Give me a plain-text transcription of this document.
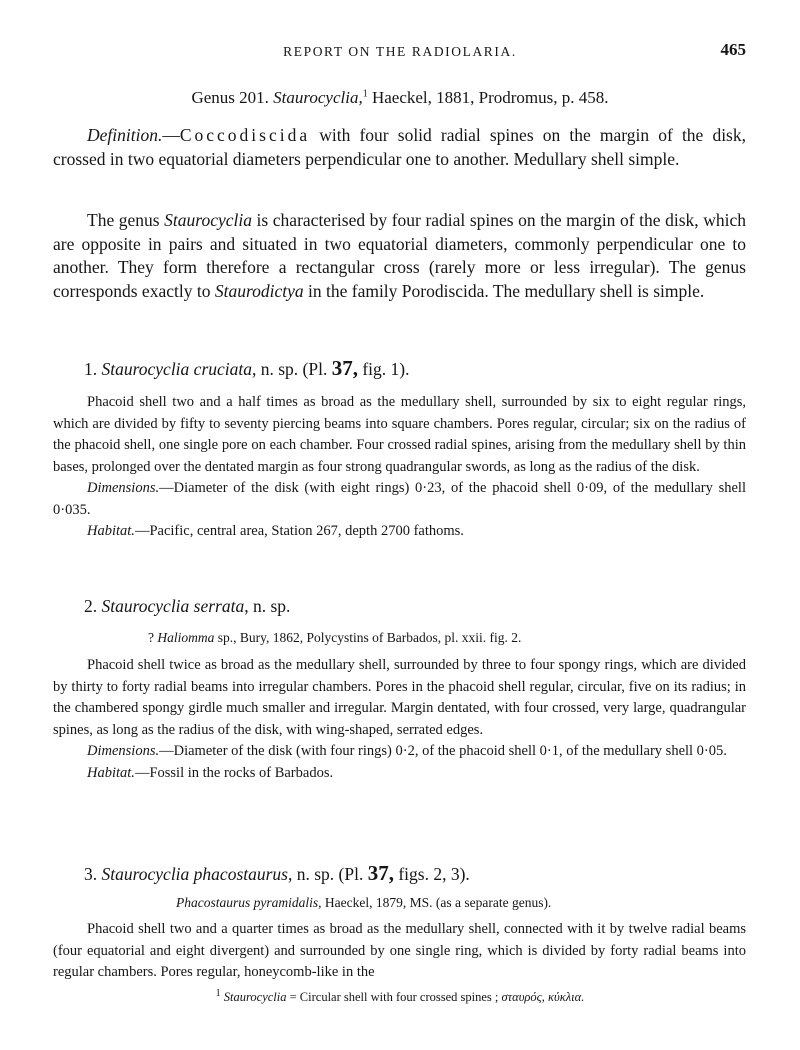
REPORT ON THE RADIOLARIA.	465
Genus 201. Staurocyclia,$^1$ Haeckel, 1881, Prodromus, p. 458.

Definition.—Coccodiscida with four solid radial spines on the margin of the disk, crossed in two equatorial diameters perpendicular one to another. Medullary shell simple.

The genus Staurocyclia is characterised by four radial spines on the margin of the disk, which are opposite in pairs and situated in two equatorial diameters, commonly perpendicular one to another. They form therefore a rectangular cross (rarely more or less irregular). The genus corresponds exactly to Staurodictya in the family Porodiscida. The medullary shell is simple.

1. Staurocyclia cruciata, n. sp. (Pl. 37, fig. 1).

Phacoid shell two and a half times as broad as the medullary shell, surrounded by six to eight regular rings, which are divided by fifty to seventy piercing beams into square chambers. Pores regular, circular; six on the radius of the phacoid shell, one single pore on each chamber. Four crossed radial spines, arising from the medullary shell by thin bases, prolonged over the dentated margin as four strong quadrangular swords, as long as the radius of the disk.

Dimensions.—Diameter of the disk (with eight rings) 0·23, of the phacoid shell 0·09, of the medullary shell 0·035.

Habitat.—Pacific, central area, Station 267, depth 2700 fathoms.

2. Staurocyclia serrata, n. sp.
? Haliomma sp., Bury, 1862, Polycystins of Barbados, pl. xxii. fig. 2.

Phacoid shell twice as broad as the medullary shell, surrounded by three to four spongy rings, which are divided by thirty to forty radial beams into irregular chambers. Pores in the phacoid shell regular, circular, five on its radius; in the chambered spongy girdle much smaller and irregular. Margin dentated, with four crossed, very large, quadrangular spines, as long as the radius of the disk, with wing-shaped, serrated edges.

Dimensions.—Diameter of the disk (with four rings) 0·2, of the phacoid shell 0·1, of the medullary shell 0·05.

Habitat.—Fossil in the rocks of Barbados.

3. Staurocyclia phacostaurus, n. sp. (Pl. 37, figs. 2, 3).
Phacostaurus pyramidalis, Haeckel, 1879, MS. (as a separate genus).

Phacoid shell two and a quarter times as broad as the medullary shell, connected with it by twelve radial beams (four equatorial and eight divergent) and surrounded by one single ring, which is divided by forty radial beams into regular chambers. Pores regular, honeycomb-like in the

$^1$ Staurocyclia = Circular shell with four crossed spines ; σταυρός, κύκλια.
